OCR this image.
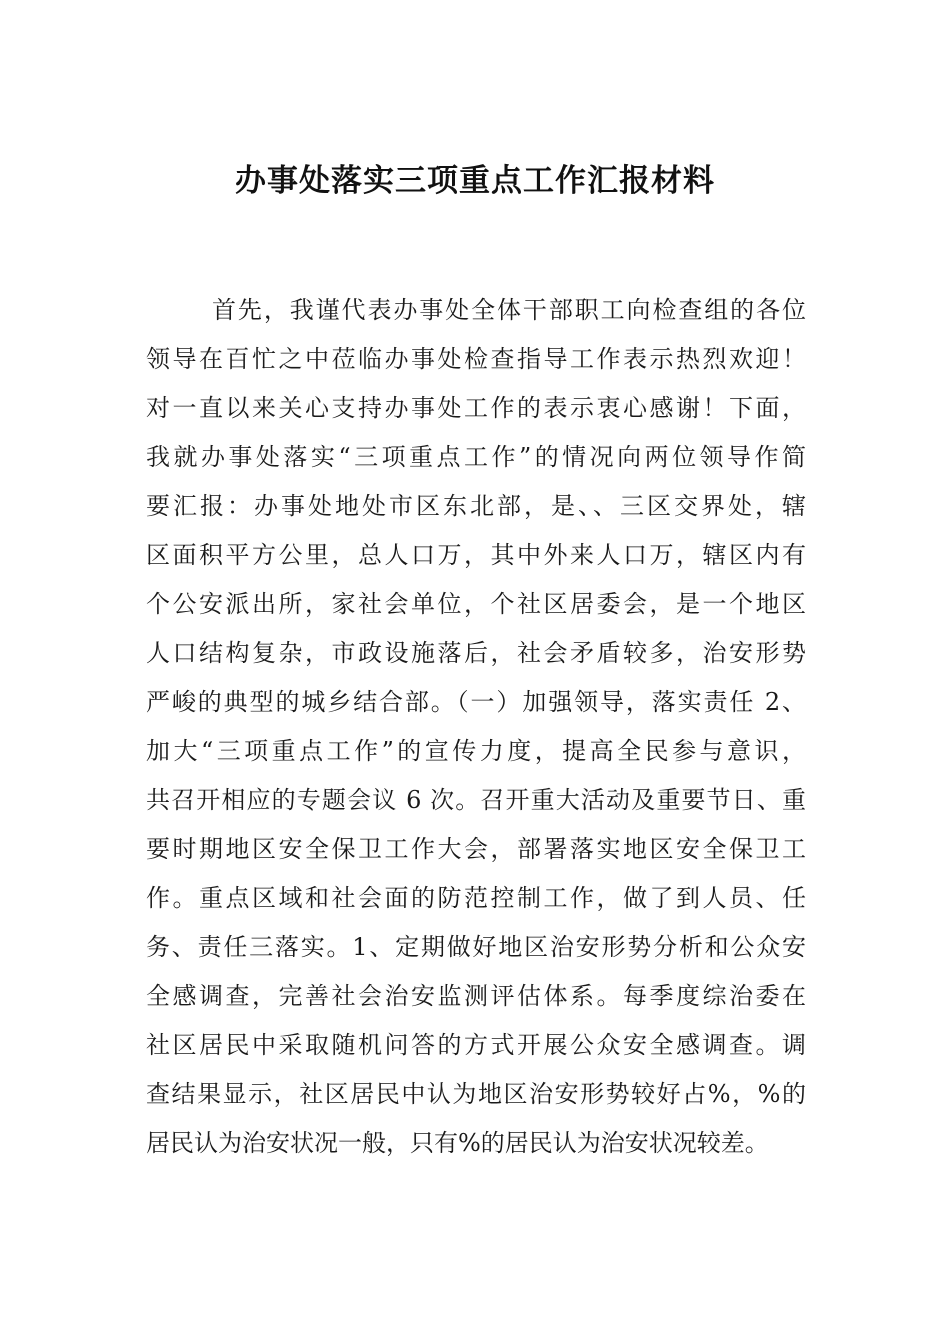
办事处落实三项重点工作汇报材料
首先，我谨代表办事处全体干部职工向检查组的各位
领导在百忙之中莅临办事处检查指导工作表示热烈欢迎！
对一直以来关心支持办事处工作的表示衷心感谢！下面，
我就办事处落实“三项重点工作”的情况向两位领导作简
要汇报：办事处地处市区东北部，是、、三区交界处，辖
区面积平方公里，总人口万，其中外来人口万，辖区内有
个公安派出所，家社会单位，个社区居委会，是一个地区
人口结构复杂，市政设施落后，社会矛盾较多，治安形势
严峻的典型的城乡结合部。（一）加强领导，落实责任 2、
加大“三项重点工作”的宣传力度，提高全民参与意识，
共召开相应的专题会议 6 次。召开重大活动及重要节日、重
要时期地区安全保卫工作大会，部署落实地区安全保卫工
作。重点区域和社会面的防范控制工作，做了到人员、任
务、责任三落实。1、定期做好地区治安形势分析和公众安
全感调查，完善社会治安监测评估体系。每季度综治委在
社区居民中采取随机问答的方式开展公众安全感调查。调
查结果显示，社区居民中认为地区治安形势较好占%，%的
居民认为治安状况一般，只有%的居民认为治安状况较差。
